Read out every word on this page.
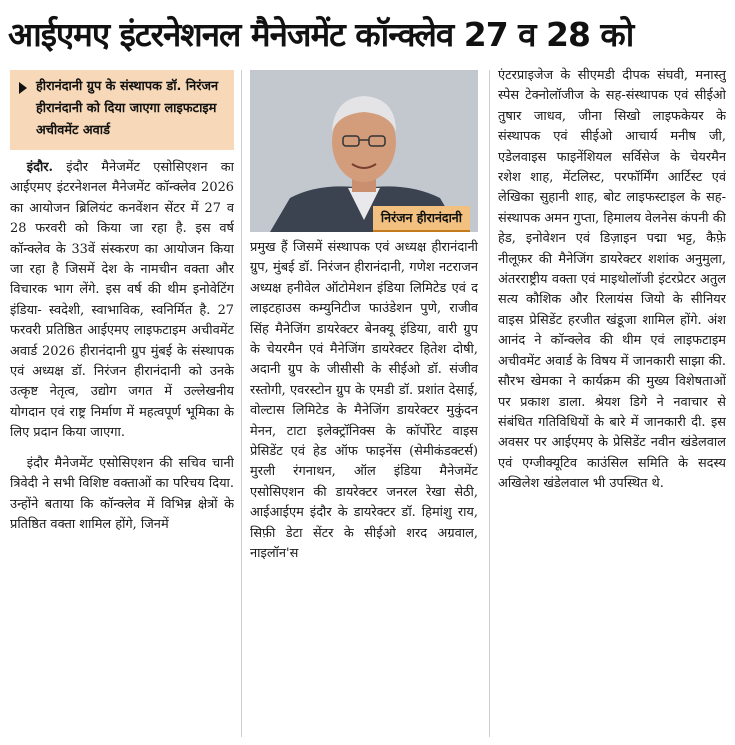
आईएमए इंटरनेशनल मैनेजमेंट कॉन्क्लेव 27 व 28 को
हीरानंदानी ग्रुप के संस्थापक डॉ. निरंजन हीरानंदानी को दिया जाएगा लाइफटाइम अचीवमेंट अवार्ड

इंदौर. इंदौर मैनेजमेंट एसोसिएशन का आईएमए इंटरनेशनल मैनेजमेंट कॉन्क्लेव 2026 का आयोजन ब्रिलियंट कनवेंशन सेंटर में 27 व 28 फरवरी को किया जा रहा है. इस वर्ष कॉन्क्लेव के 33वें संस्करण का आयोजन किया जा रहा है जिसमें देश के नामचीन वक्ता और विचारक भाग लेंगे. इस वर्ष की थीम इनोवेटिंग इंडिया- स्वदेशी, स्वाभाविक, स्वनिर्मित है. 27 फरवरी प्रतिष्ठित आईएमए लाइफटाइम अचीवमेंट अवार्ड 2026 हीरानंदानी ग्रुप मुंबई के संस्थापक एवं अध्यक्ष डॉ. निरंजन हीरानंदानी को उनके उत्कृष्ट नेतृत्व, उद्योग जगत में उल्लेखनीय योगदान एवं राष्ट्र निर्माण में महत्वपूर्ण भूमिका के लिए प्रदान किया जाएगा.

इंदौर मैनेजमेंट एसोसिएशन की सचिव चानी त्रिवेदी ने सभी विशिष्ट वक्ताओं का परिचय दिया. उन्होंने बताया कि कॉन्क्लेव में विभिन्न क्षेत्रों के प्रतिष्ठित वक्ता शामिल होंगे, जिनमें

निरंजन हीरानंदानी
प्रमुख हैं जिसमें संस्थापक एवं अध्यक्ष हीरानंदानी ग्रुप, मुंबई डॉ. निरंजन हीरानंदानी, गणेश नटराजन अध्यक्ष हनीवेल ऑटोमेशन इंडिया लिमिटेड एवं द लाइटहाउस कम्युनिटीज फाउंडेशन पुणे, राजीव सिंह मैनेजिंग डायरेक्टर बेनक्यू इंडिया, वारी ग्रुप के चेयरमैन एवं मैनेजिंग डायरेक्टर हितेश दोषी, अदानी ग्रुप के जीसीसी के सीईओ डॉ. संजीव रस्तोगी, एवरस्टोन ग्रुप के एमडी डॉ. प्रशांत देसाई, वोल्टास लिमिटेड के मैनेजिंग डायरेक्टर मुकुंदन मेनन, टाटा इलेक्ट्रॉनिक्स के कॉर्पोरेट वाइस प्रेसिडेंट एवं हेड ऑफ फाइनेंस (सेमीकंडक्टर्स) मुरली रंगनाथन, ऑल इंडिया मैनेजमेंट एसोसिएशन की डायरेक्टर जनरल रेखा सेठी, आईआईएम इंदौर के डायरेक्टर डॉ. हिमांशु राय, सिफ़ी डेटा सेंटर के सीईओ शरद अग्रवाल, नाइलॉन'स
एंटरप्राइजेज के सीएमडी दीपक संघवी, मनास्तु स्पेस टेक्नोलॉजीज के सह-संस्थापक एवं सीईओ तुषार जाधव, जीना सिखो लाइफकेयर के संस्थापक एवं सीईओ आचार्य मनीष जी, एडेलवाइस फाइनेंशियल सर्विसेज के चेयरमैन रशेश शाह, मेंटलिस्ट, परफॉर्मिंग आर्टिस्ट एवं लेखिका सुहानी शाह, बोट लाइफस्टाइल के सह-संस्थापक अमन गुप्ता, हिमालय वेलनेस कंपनी की हेड, इनोवेशन एवं डिज़ाइन पद्मा भट्ट, कैफ़े नीलूफ़र की मैनेजिंग डायरेक्टर शशांक अनुमुला, अंतरराष्ट्रीय वक्ता एवं माइथोलॉजी इंटरप्रेटर अतुल सत्य कौशिक और रिलायंस जियो के सीनियर वाइस प्रेसिडेंट हरजीत खंडूजा शामिल होंगे. अंश आनंद ने कॉन्क्लेव की थीम एवं लाइफटाइम अचीवमेंट अवार्ड के विषय में जानकारी साझा की. सौरभ खेमका ने कार्यक्रम की मुख्य विशेषताओं पर प्रकाश डाला. श्रेयश डिगे ने नवाचार से संबंधित गतिविधियों के बारे में जानकारी दी. इस अवसर पर आईएमए के प्रेसिडेंट नवीन खंडेलवाल एवं एग्जीक्यूटिव काउंसिल समिति के सदस्य अखिलेश खंडेलवाल भी उपस्थित थे.
